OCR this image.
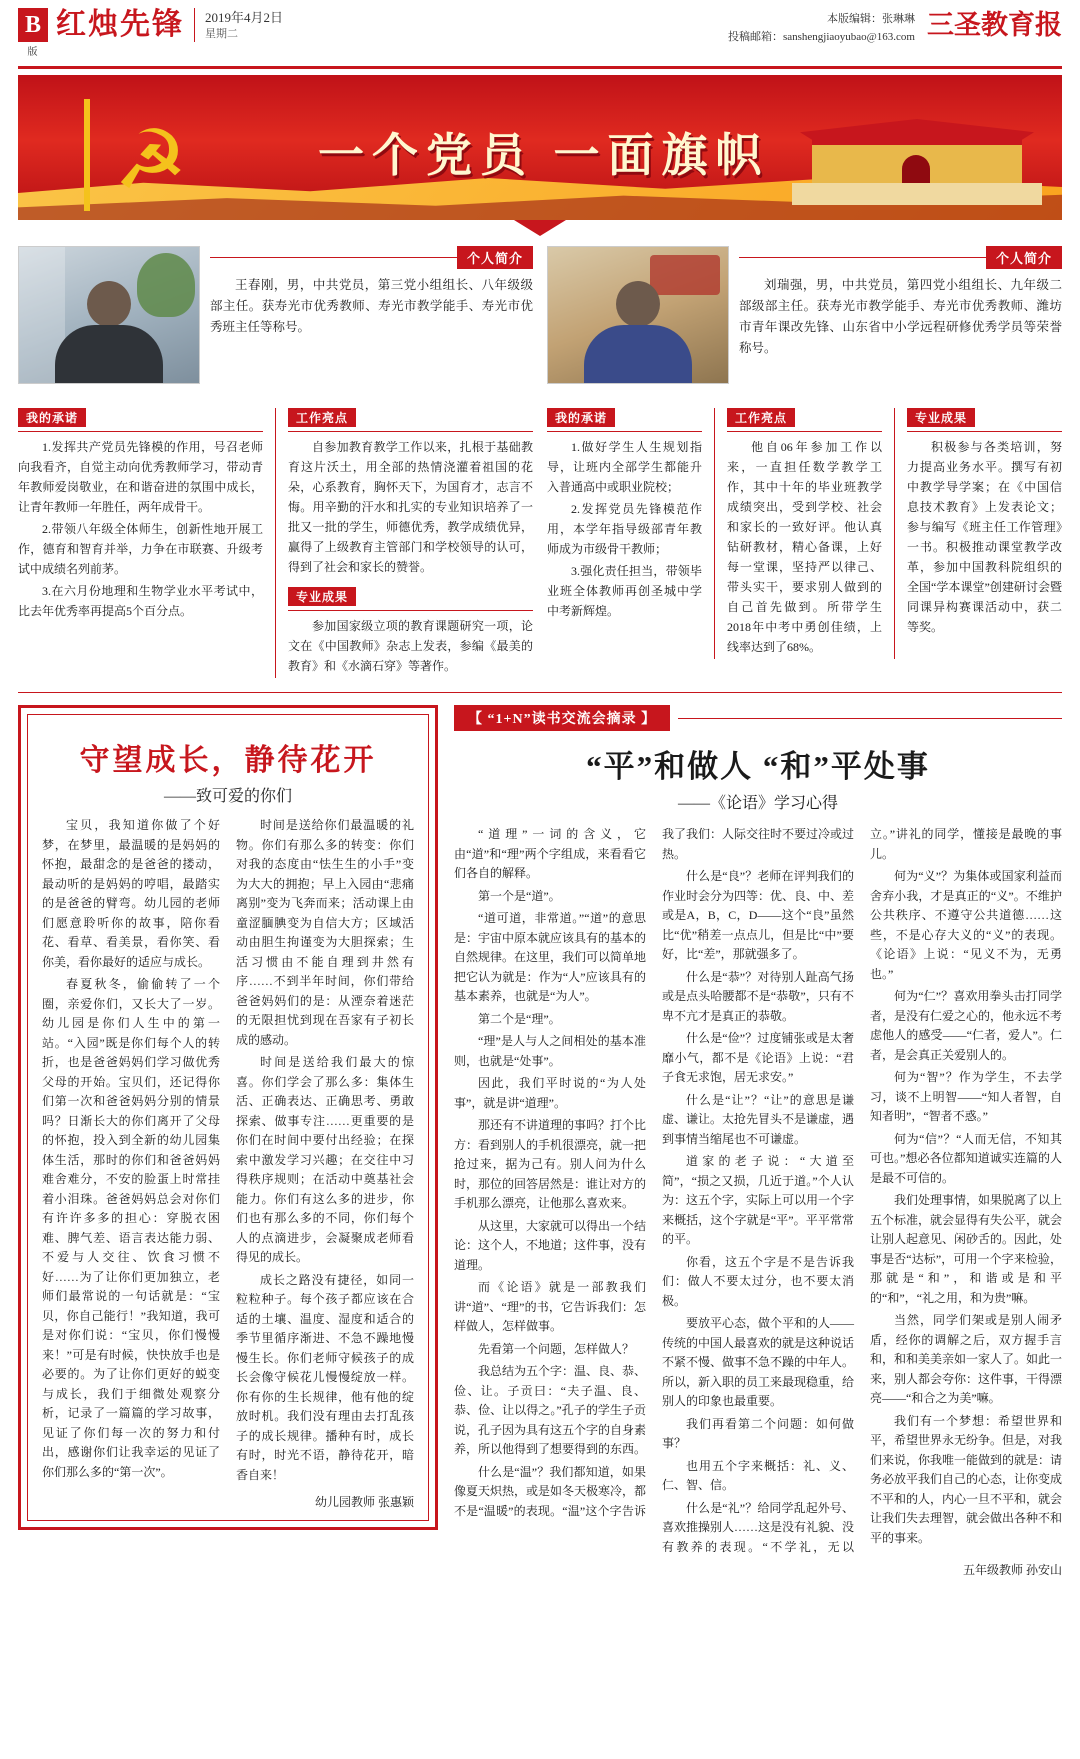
B
版
红烛先锋	2019年4月2日
星期二
本版编辑：张琳琳
投稿邮箱：sanshengjiaoyubao@163.com 三圣教育报
☭	一个党员 一面旗帜
个人简介
王春刚，男，中共党员，第三党小组组长、八年级级部主任。获寿光市优秀教师、寿光市教学能手、寿光市优秀班主任等称号。
个人简介
刘瑞强，男，中共党员，第四党小组组长、九年级二部级部主任。获寿光市教学能手、寿光市优秀教师、潍坊市青年课改先锋、山东省中小学远程研修优秀学员等荣誉称号。
我的承诺

1.发挥共产党员先锋模的作用，号召老师向我看齐，自觉主动向优秀教师学习，带动青年教师爱岗敬业，在和谐奋进的氛围中成长，让青年教师一年胜任，两年成骨干。

2.带领八年级全体师生，创新性地开展工作，德育和智育并举，力争在市联赛、升级考试中成绩名列前茅。

3.在六月份地理和生物学业水平考试中，比去年优秀率再提高5个百分点。

工作亮点

自参加教育教学工作以来，扎根于基础教育这片沃土，用全部的热情浇灌着祖国的花朵，心系教育，胸怀天下，为国育才，志言不悔。用辛勤的汗水和扎实的专业知识培养了一批又一批的学生，师德优秀，教学成绩优异，赢得了上级教育主管部门和学校领导的认可，得到了社会和家长的赞誉。

专业成果

参加国家级立项的教育课题研究一项，论文在《中国教师》杂志上发表，参编《最美的教育》和《水滴石穿》等著作。

我的承诺

1.做好学生人生规划指导，让班内全部学生都能升入普通高中或职业院校；

2.发挥党员先锋模范作用，本学年指导级部青年教师成为市级骨干教师；

3.强化责任担当，带领毕业班全体教师再创圣城中学中考新辉煌。

工作亮点

他自06年参加工作以来，一直担任数学教学工作，其中十年的毕业班教学成绩突出，受到学校、社会和家长的一致好评。他认真钻研教材，精心备课，上好每一堂课，坚持严以律己、带头实干，要求别人做到的自己首先做到。所带学生2018年中考中勇创佳绩，上线率达到了68%。

专业成果

积极参与各类培训，努力提高业务水平。撰写有初中教学导学案；在《中国信息技术教育》上发表论文；参与编写《班主任工作管理》一书。积极推动课堂教学改革，参加中国教科院组织的全国“学本课堂”创建研讨会暨同课异构赛课活动中，获二等奖。

守望成长，静待花开
——致可爱的你们

宝贝，我知道你做了个好梦，在梦里，最温暖的是妈妈的怀抱，最甜念的是爸爸的搂动，最动听的是妈妈的哼唱，最踏实的是爸爸的臂弯。幼儿园的老师们愿意聆听你的故事，陪你看花、看草、看美景，看你笑、看你美，看你最好的适应与成长。

春夏秋冬，偷偷转了一个圈，亲爱你们，又长大了一岁。幼儿园是你们人生中的第一站。“入园”既是你们每个人的转折，也是爸爸妈妈们学习做优秀父母的开始。宝贝们，还记得你们第一次和爸爸妈妈分别的情景吗？日渐长大的你们离开了父母的怀抱，投入到全新的幼儿园集体生活，那时的你们和爸爸妈妈难舍难分，不安的脸蛋上时常挂着小泪珠。爸爸妈妈总会对你们有许许多多的担心：穿脱衣困难、脾气差、语言表达能力弱、不爱与人交往、饮食习惯不好……为了让你们更加独立，老师们最常说的一句话就是：“宝贝，你自己能行！”我知道，我可是对你们说：“宝贝，你们慢慢来！”可是有时候，快快放手也是必要的。为了让你们更好的蜕变与成长，我们于细微处观察分析，记录了一篇篇的学习故事，见证了你们每一次的努力和付出，感谢你们让我幸运的见证了你们那么多的“第一次”。

时间是送给你们最温暖的礼物。你们有那么多的转变：你们对我的态度由“怯生生的小手”变为大大的拥抱；早上入园由“悲痛离别”变为飞奔而来；活动课上由童涩腼腆变为自信大方；区域活动由胆生拘谨变为大胆探索；生活习惯由不能自理到井然有序……不到半年时间，你们带给爸爸妈妈们的是：从湮奈着迷茫的无限担忧到现在吾家有子初长成的感动。

时间是送给我们最大的惊喜。你们学会了那么多：集体生活、正确表达、正确思考、勇敢探索、做事专注……更重要的是你们在时间中要付出经验；在探索中激发学习兴趣；在交往中习得秩序规则；在活动中奠基社会能力。你们有这么多的进步，你们也有那么多的不同，你们每个人的点滴进步，会凝聚成老师看得见的成长。

成长之路没有捷径，如同一粒粒种子。每个孩子都应该在合适的土壤、温度、湿度和适合的季节里循序渐进、不急不躁地慢慢生长。你们老师守候孩子的成长会像守候花儿慢慢绽放一样。你有你的生长规律，他有他的绽放时机。我们没有理由去打乱孩子的成长规律。播种有时，成长有时，时光不语，静待花开，暗香自来！

幼儿园教师 张惠颖
【 “1+N”读书交流会摘录 】
“平”和做人 “和”平处事
——《论语》学习心得

“道理”一词的含义，它由“道”和“理”两个字组成，来看看它们各自的解释。

第一个是“道”。

“道可道，非常道。”“道”的意思是：宇宙中原本就应该具有的基本的自然规律。在这里，我们可以简单地把它认为就是：作为“人”应该具有的基本素养，也就是“为人”。

第二个是“理”。

“理”是人与人之间相处的基本准则，也就是“处事”。

因此，我们平时说的“为人处事”，就是讲“道理”。

那还有不讲道理的事吗？打个比方：看到别人的手机很漂亮，就一把抢过来，据为己有。别人问为什么时，那位的回答居然是：谁让对方的手机那么漂亮，让他那么喜欢来。

从这里，大家就可以得出一个结论：这个人，不地道；这件事，没有道理。

而《论语》就是一部教我们讲“道”、“理”的书，它告诉我们：怎样做人，怎样做事。

先看第一个问题，怎样做人？

我总结为五个字：温、良、恭、俭、让。子贡曰：“夫子温、良、恭、俭、让以得之。”孔子的学生子贡说，孔子因为具有这五个字的自身素养，所以他得到了想要得到的东西。

什么是“温”？我们都知道，如果像夏天炽热，或是如冬天极寒冷，都不是“温暖”的表现。“温”这个字告诉我了我们：人际交往时不要过冷或过热。

什么是“良”？老师在评判我们的作业时会分为四等：优、良、中、差或是A，B，C，D——这个“良”虽然比“优”稍差一点点儿，但是比“中”要好，比“差”，那就强多了。

什么是“恭”？对待别人趾高气扬或是点头哈腰都不是“恭敬”，只有不卑不亢才是真正的恭敬。

什么是“俭”？过度铺张或是太奢靡小气，都不是《论语》上说：“君子食无求饱，居无求安。”

什么是“让”？“让”的意思是谦虚、谦让。太抢先冒头不是谦虚，遇到事情当缩尾也不可谦虚。

道家的老子说：“大道至简”，“损之又损，几近于道。”个人认为：这五个字，实际上可以用一个字来概括，这个字就是“平”。平平常常的平。

你看，这五个字是不是告诉我们：做人不要太过分，也不要太消极。

要放平心态，做个平和的人——传统的中国人最喜欢的就是这种说话不紧不慢、做事不急不躁的中年人。所以，新入职的员工来最现稳重，给别人的印象也最重要。

我们再看第二个问题：如何做事？

也用五个字来概括：礼、义、仁、智、信。

什么是“礼”？给同学乱起外号、喜欢推操别人……这是没有礼貌、没有教养的表现。“不学礼，无以立。”讲礼的同学，懂接是最晚的事儿。

何为“义”？为集体或国家利益而舍弃小我，才是真正的“义”。不维护公共秩序、不遵守公共道德……这些，不是心存大义的“义”的表现。《论语》上说：“见义不为，无勇也。”

何为“仁”？喜欢用拳头击打同学者，是没有仁爱之心的，他永远不考虑他人的感受——“仁者，爱人”。仁者，是会真正关爱别人的。

何为“智”？作为学生，不去学习，谈不上明智——“知人者智，自知者明”，“智者不惑。”

何为“信”？“人而无信，不知其可也。”想必各位都知道诚实连篇的人是最不可信的。

我们处理事情，如果脱离了以上五个标准，就会显得有失公平，就会让别人起意见、闲砂舌的。因此，处事是否“达标”，可用一个字来检验，那就是“和”，和谐或是和平的“和”，“礼之用，和为贵”嘛。

当然，同学们架或是别人闹矛盾，经你的调解之后，双方握手言和，和和美美亲如一家人了。如此一来，别人都会夸你：这件事，干得漂亮——“和合之为美”嘛。

我们有一个梦想：希望世界和平，希望世界永无纷争。但是，对我们来说，你我唯一能做到的就是：请务必放平我们自己的心态，让你变成不平和的人，内心一旦不平和，就会让我们失去理智，就会做出各种不和平的事来。

五年级教师 孙安山
